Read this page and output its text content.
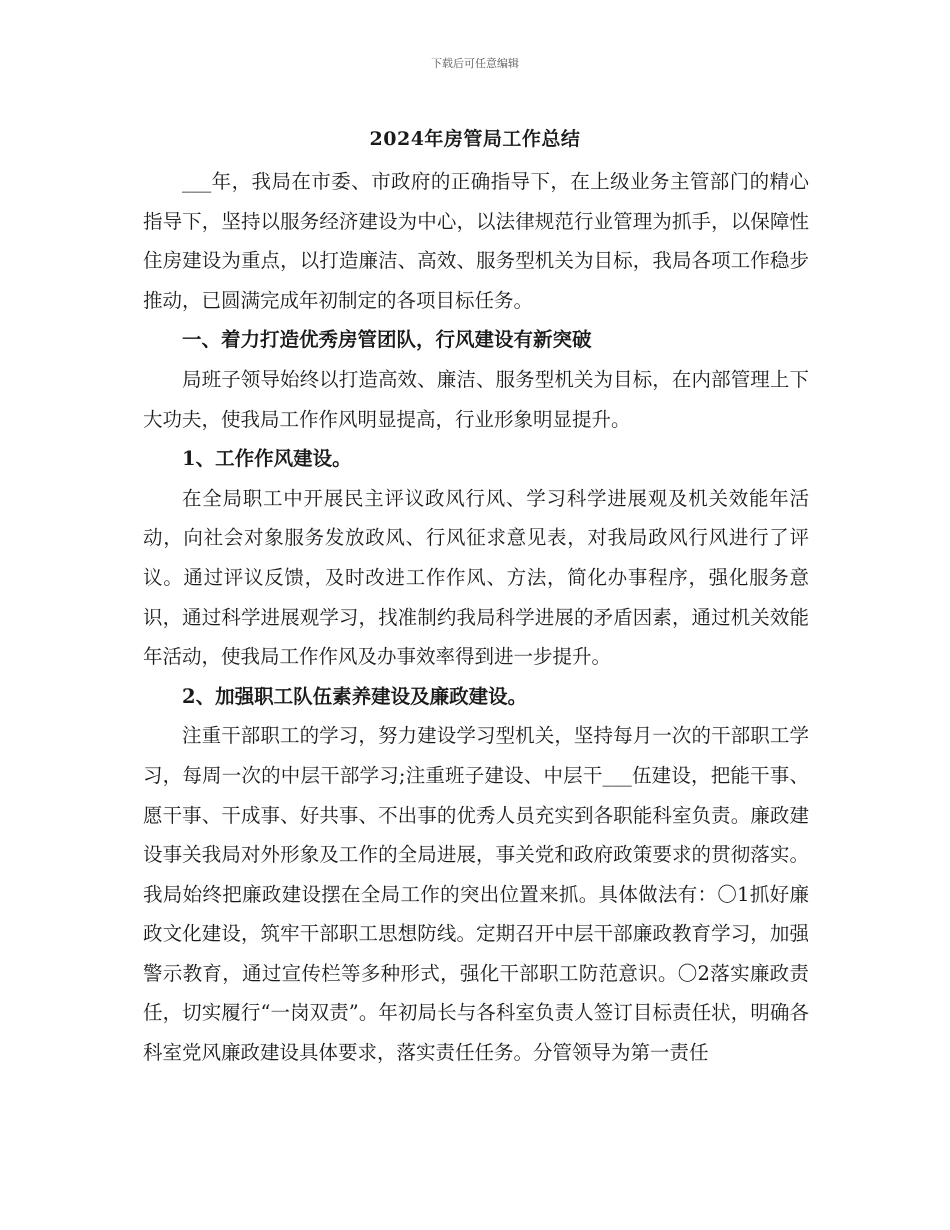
下载后可任意编辑
2024年房管局工作总结

___年，我局在市委、市政府的正确指导下，在上级业务主管部门的精心指导下，坚持以服务经济建设为中心，以法律规范行业管理为抓手，以保障性住房建设为重点，以打造廉洁、高效、服务型机关为目标，我局各项工作稳步推动，已圆满完成年初制定的各项目标任务。

一、着力打造优秀房管团队，行风建设有新突破

局班子领导始终以打造高效、廉洁、服务型机关为目标，在内部管理上下大功夫，使我局工作作风明显提高，行业形象明显提升。

1、工作作风建设。

在全局职工中开展民主评议政风行风、学习科学进展观及机关效能年活动，向社会对象服务发放政风、行风征求意见表，对我局政风行风进行了评议。通过评议反馈，及时改进工作作风、方法，简化办事程序，强化服务意识，通过科学进展观学习，找准制约我局科学进展的矛盾因素，通过机关效能年活动，使我局工作作风及办事效率得到进一步提升。

2、加强职工队伍素养建设及廉政建设。

注重干部职工的学习，努力建设学习型机关，坚持每月一次的干部职工学习，每周一次的中层干部学习;注重班子建设、中层干___伍建设，把能干事、愿干事、干成事、好共事、不出事的优秀人员充实到各职能科室负责。廉政建设事关我局对外形象及工作的全局进展，事关党和政府政策要求的贯彻落实。我局始终把廉政建设摆在全局工作的突出位置来抓。具体做法有：〇1抓好廉政文化建设，筑牢干部职工思想防线。定期召开中层干部廉政教育学习，加强警示教育，通过宣传栏等多种形式，强化干部职工防范意识。〇2落实廉政责任，切实履行“一岗双责”。年初局长与各科室负责人签订目标责任状，明确各科室党风廉政建设具体要求，落实责任任务。分管领导为第一责任
